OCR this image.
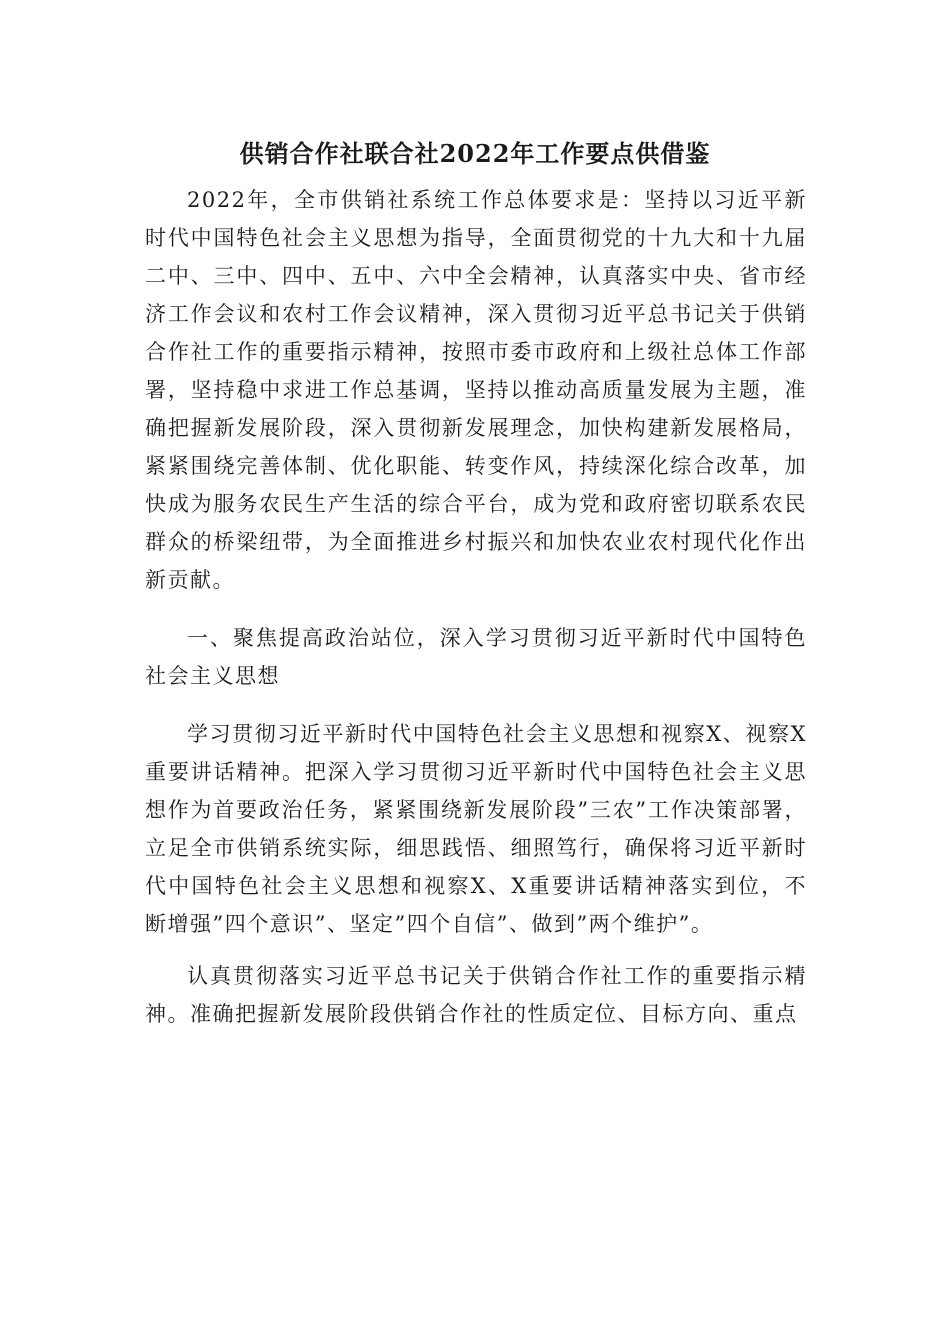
供销合作社联合社2022年工作要点供借鉴

2022年，全市供销社系统工作总体要求是：坚持以习近平新时代中国特色社会主义思想为指导，全面贯彻党的十九大和十九届二中、三中、四中、五中、六中全会精神，认真落实中央、省市经济工作会议和农村工作会议精神，深入贯彻习近平总书记关于供销合作社工作的重要指示精神，按照市委市政府和上级社总体工作部署，坚持稳中求进工作总基调，坚持以推动高质量发展为主题，准确把握新发展阶段，深入贯彻新发展理念，加快构建新发展格局，紧紧围绕完善体制、优化职能、转变作风，持续深化综合改革，加快成为服务农民生产生活的综合平台，成为党和政府密切联系农民群众的桥梁纽带，为全面推进乡村振兴和加快农业农村现代化作出新贡献。

一、聚焦提高政治站位，深入学习贯彻习近平新时代中国特色社会主义思想

学习贯彻习近平新时代中国特色社会主义思想和视察X、视察X重要讲话精神。把深入学习贯彻习近平新时代中国特色社会主义思想作为首要政治任务，紧紧围绕新发展阶段”三农”工作决策部署，立足全市供销系统实际，细思践悟、细照笃行，确保将习近平新时代中国特色社会主义思想和视察X、X重要讲话精神落实到位，不断增强”四个意识”、坚定”四个自信”、做到”两个维护”。

认真贯彻落实习近平总书记关于供销合作社工作的重要指示精神。准确把握新发展阶段供销合作社的性质定位、目标方向、重点
